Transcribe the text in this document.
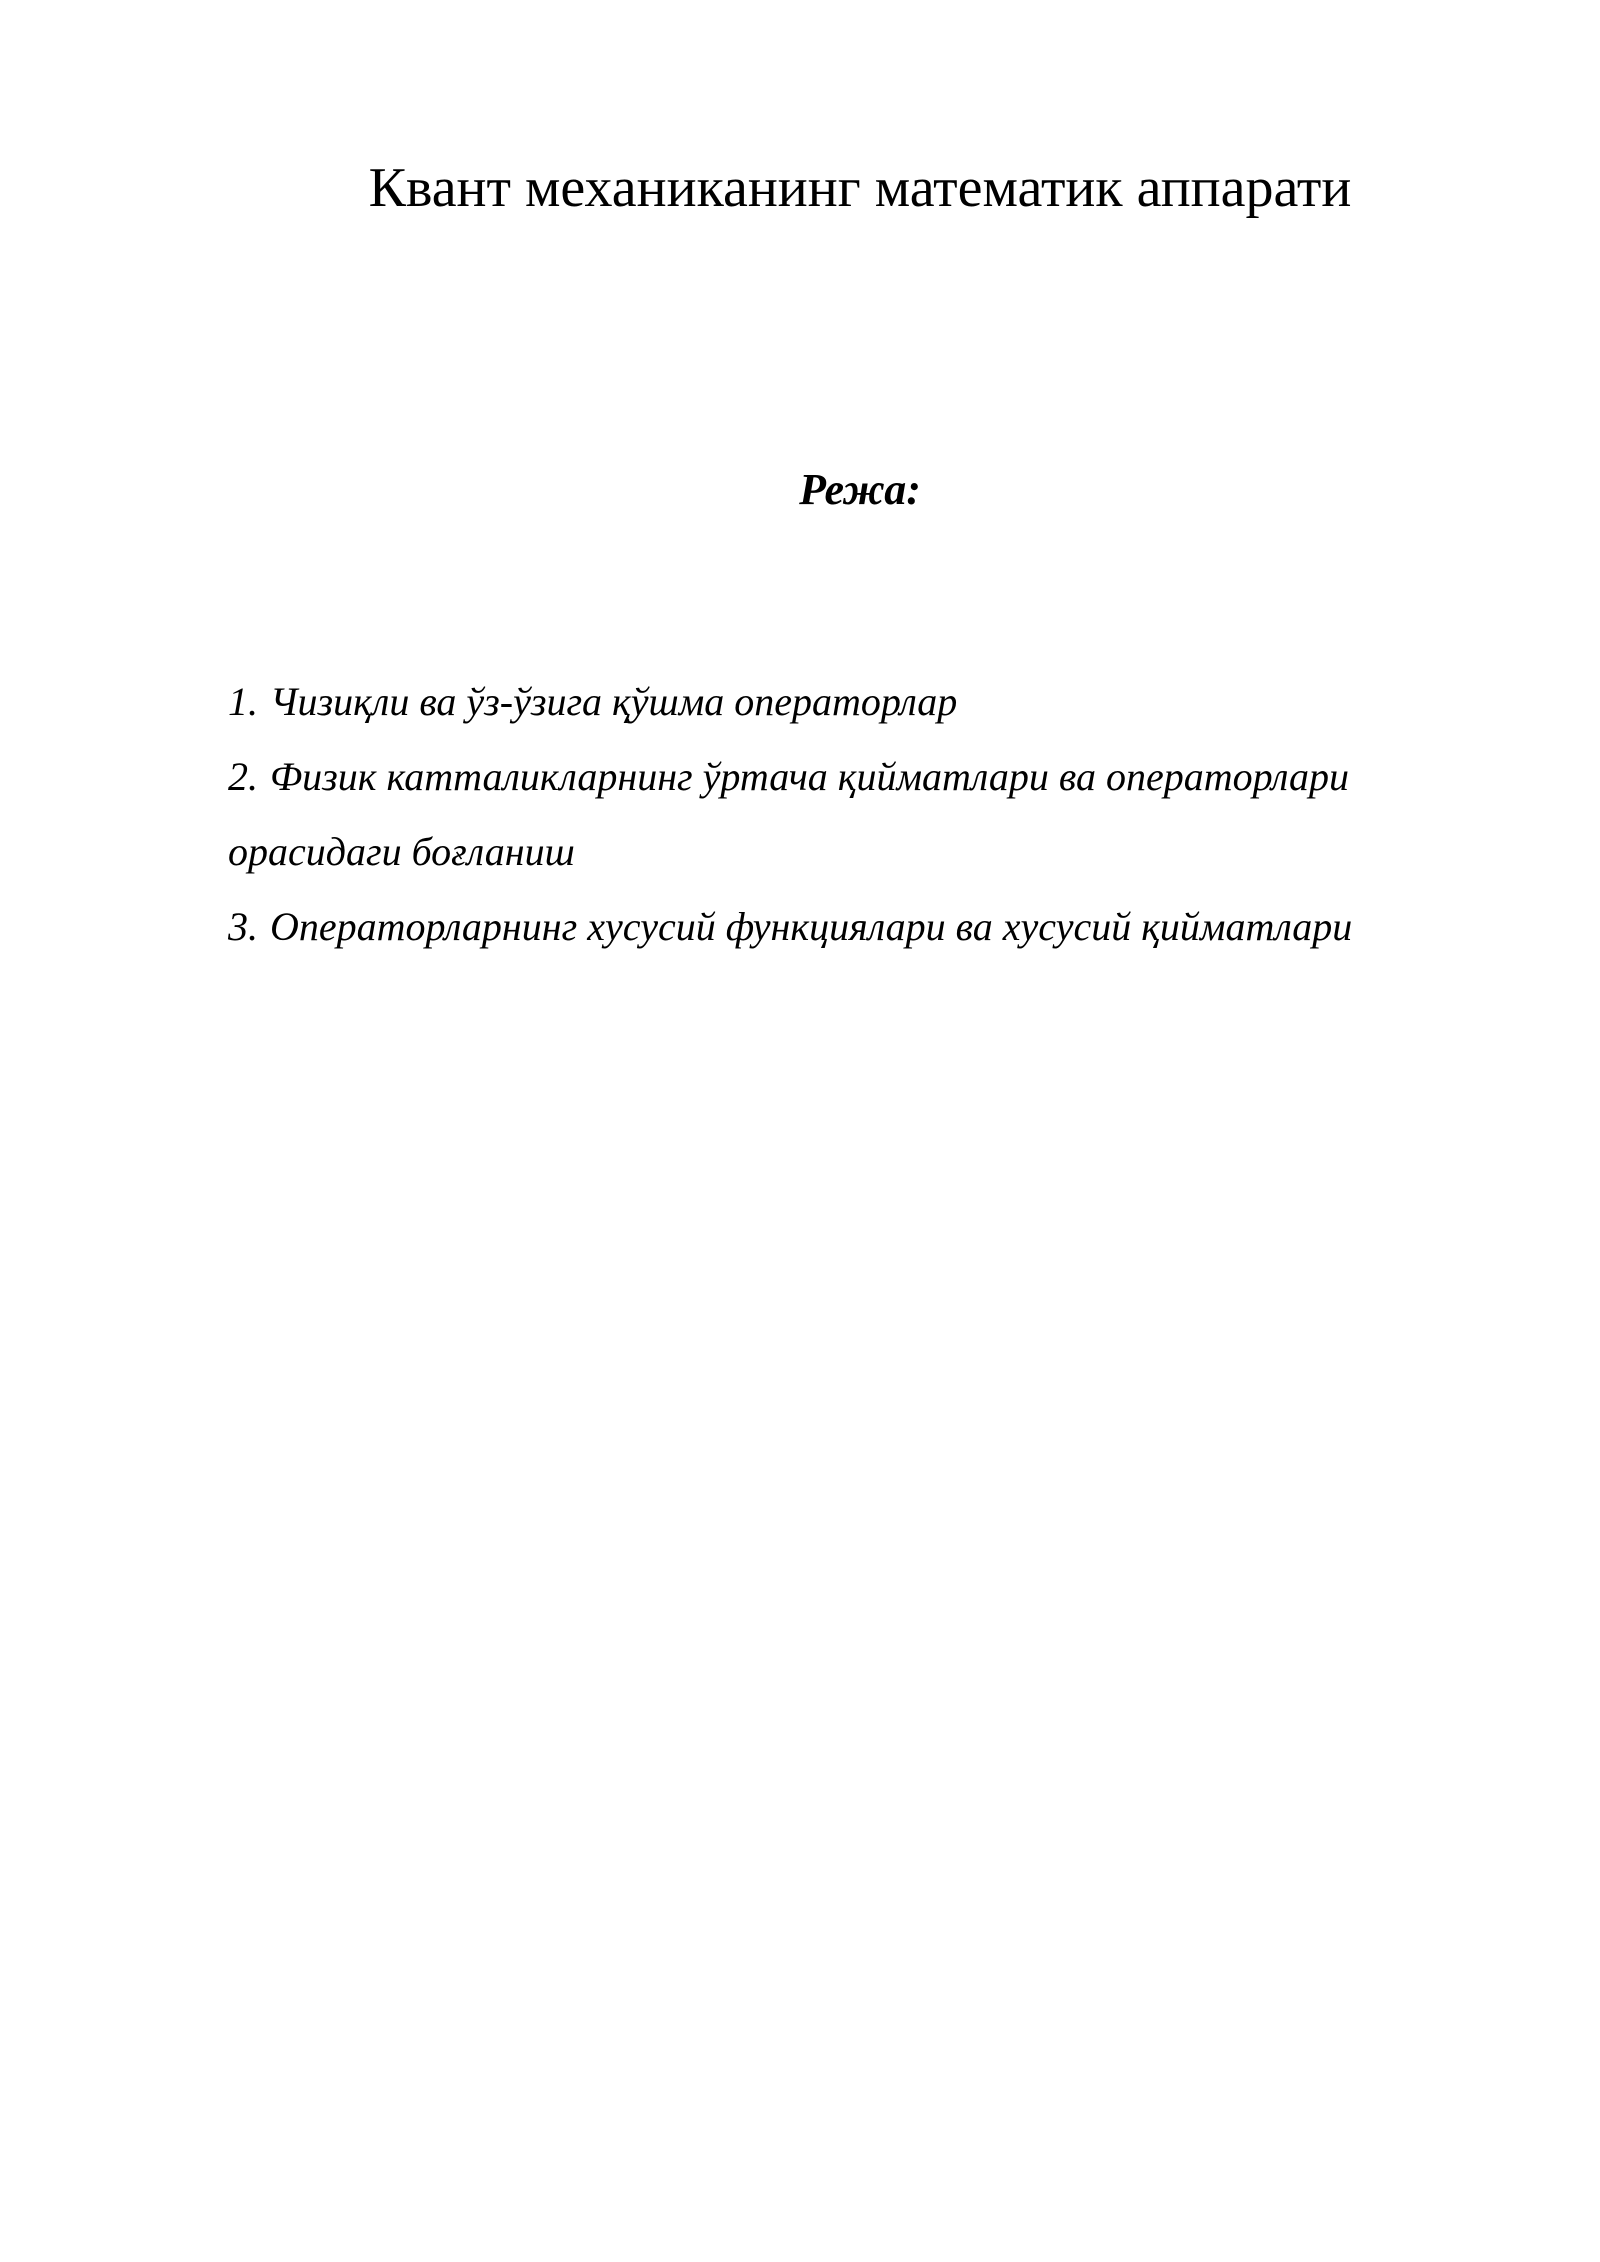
Квант механиканинг математик аппарати
Режа:
1. Чизиқли ва ўз-ўзига қўшма операторлар
2. Физик катталикларнинг ўртача қийматлари ва операторлари
орасидаги боғланиш
3. Операторларнинг хусусий функциялари ва хусусий қийматлари
